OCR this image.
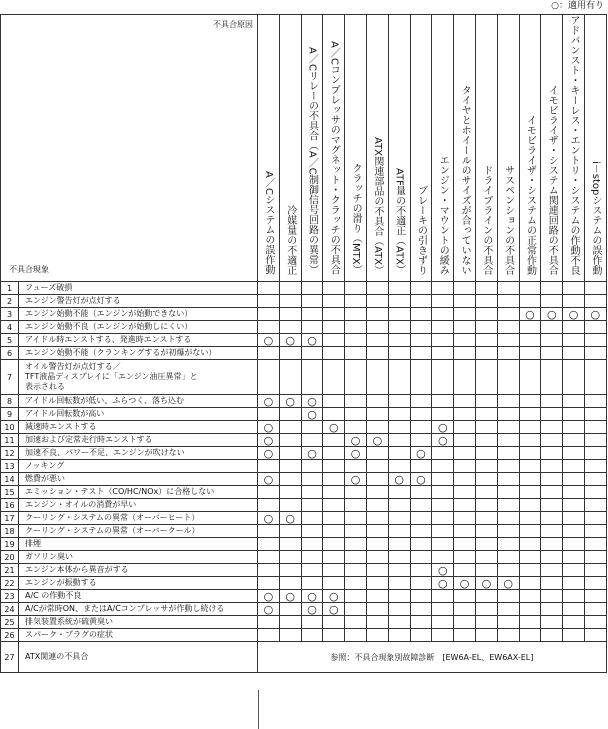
○：適用有り
不具合原因
不具合現象		A／Cシステムの誤作動	冷媒量の不適正	A／Cリレーの不具合（A／C制御信号回路の異常）	A／Cコンプレッサのマグネット・クラッチの不具合	クラッチの滑り（MTX）	ATX関連部品の不具合（ATX）	ATF量の不適正（ATX）	ブレーキの引きずり	エンジン・マウントの緩み	タイヤとホイールのサイズが合っていない	ドライブラインの不具合	サスペンションの不具合	イモビライザ・システムの正常作動	イモビライザ・システム関連回路の不具合	アドバンスト・キーレス・エントリ・システムの作動不良	i－stopシステムの誤作動
1	フューズ破損																

2	エンジン警告灯が点灯する																

3	エンジン始動不能（エンジンが始動できない）													○	○	○	○
4	エンジン始動不良（エンジンが始動しにくい）																

5	アイドル時エンストする、発進時エンストする	○	○	○													
6	エンジン始動不能（クランキングするが初爆がない）																

7	オイル警告灯が点灯する／
TFT液晶ディスプレイに「エンジン油圧異常」と
表示される																

8	アイドル回転数が低い、ふらつく、落ち込む	○	○	○													
9	アイドル回転数が高い			○													
10	減速時エンストする	○			○					○							
11	加速および定常走行時エンストする	○				○	○			○							
12	加速不良、パワー不足、エンジンが吹けない	○		○		○			○								
13	ノッキング																

14	燃費が悪い	○				○		○	○								
15	エミッション・テスト（CO/HC/NOx）に合格しない																

16	エンジン・オイルの消費が早い																

17	クーリング・システムの異常（オーバーヒート）	○	○														
18	クーリング・システムの異常（オーバークール）																

19	排煙																

20	ガソリン臭い																

21	エンジン本体から異音がする									○							
22	エンジンが振動する									○	○	○	○				
23	A/C の作動不良	○	○	○	○												
24	A/Cが常時ON、またはA/Cコンプレッサが作動し続ける	○		○	○												
25	排気装置系統が硫黄臭い																

26	スパーク・プラグの症状																

27	ATX関連の不具合	参照：不具合現象別故障診断　[EW6A-EL、EW6AX-EL]															
